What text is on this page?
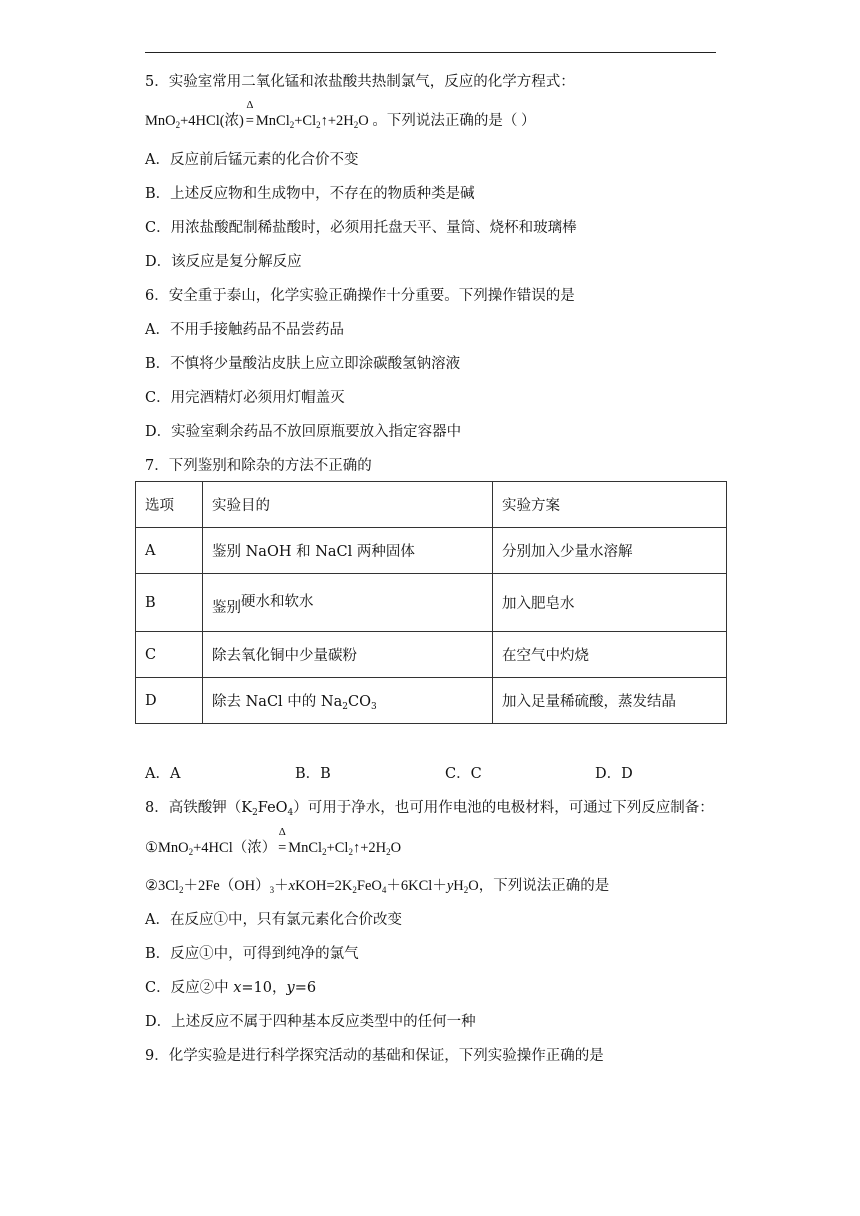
5．实验室常用二氧化锰和浓盐酸共热制氯气，反应的化学方程式：
MnO$_2$+4HCl(浓)
Δ
= $MnCl_2+Cl_2↑+2H_2O$ 。下列说法正确的是（ ）
A．反应前后锰元素的化合价不变
B．上述反应物和生成物中，不存在的物质种类是碱
C．用浓盐酸配制稀盐酸时，必须用托盘天平、量筒、烧杯和玻璃棒
D．该反应是复分解反应
6．安全重于泰山，化学实验正确操作十分重要。下列操作错误的是
A．不用手接触药品不品尝药品
B．不慎将少量酸沾皮肤上应立即涂碳酸氢钠溶液
C．用完酒精灯必须用灯帽盖灭
D．实验室剩余药品不放回原瓶要放入指定容器中
7．下列鉴别和除杂的方法不正确的
选项	实验目的	实验方案
A	鉴别 NaOH 和 NaCl 两种固体	分别加入少量水溶解
B	鉴别硬水和软水	加入肥皂水
C	除去氧化铜中少量碳粉	在空气中灼烧
D	除去 NaCl 中的 $Na_2CO_3$	加入足量稀硫酸，蒸发结晶
A．A	B．B	C．C	D．D
8．高铁酸钾$(K_2FeO_4)$可用于净水，也可用作电池的电极材料，可通过下列反应制备：
①MnO$_2$+4HCl（浓）
Δ
= $MnCl_2+Cl_2↑+2H_2O$
$②3Cl_2+2Fe(OH)_3+xKOH=2K_2FeO_4+6KCl+yH_2O$，下列说法正确的是
A．在反应①中，只有氯元素化合价改变
B．反应①中，可得到纯净的氯气
C．反应②中 x=10，y=6
D．上述反应不属于四种基本反应类型中的任何一种
9．化学实验是进行科学探究活动的基础和保证，下列实验操作正确的是
